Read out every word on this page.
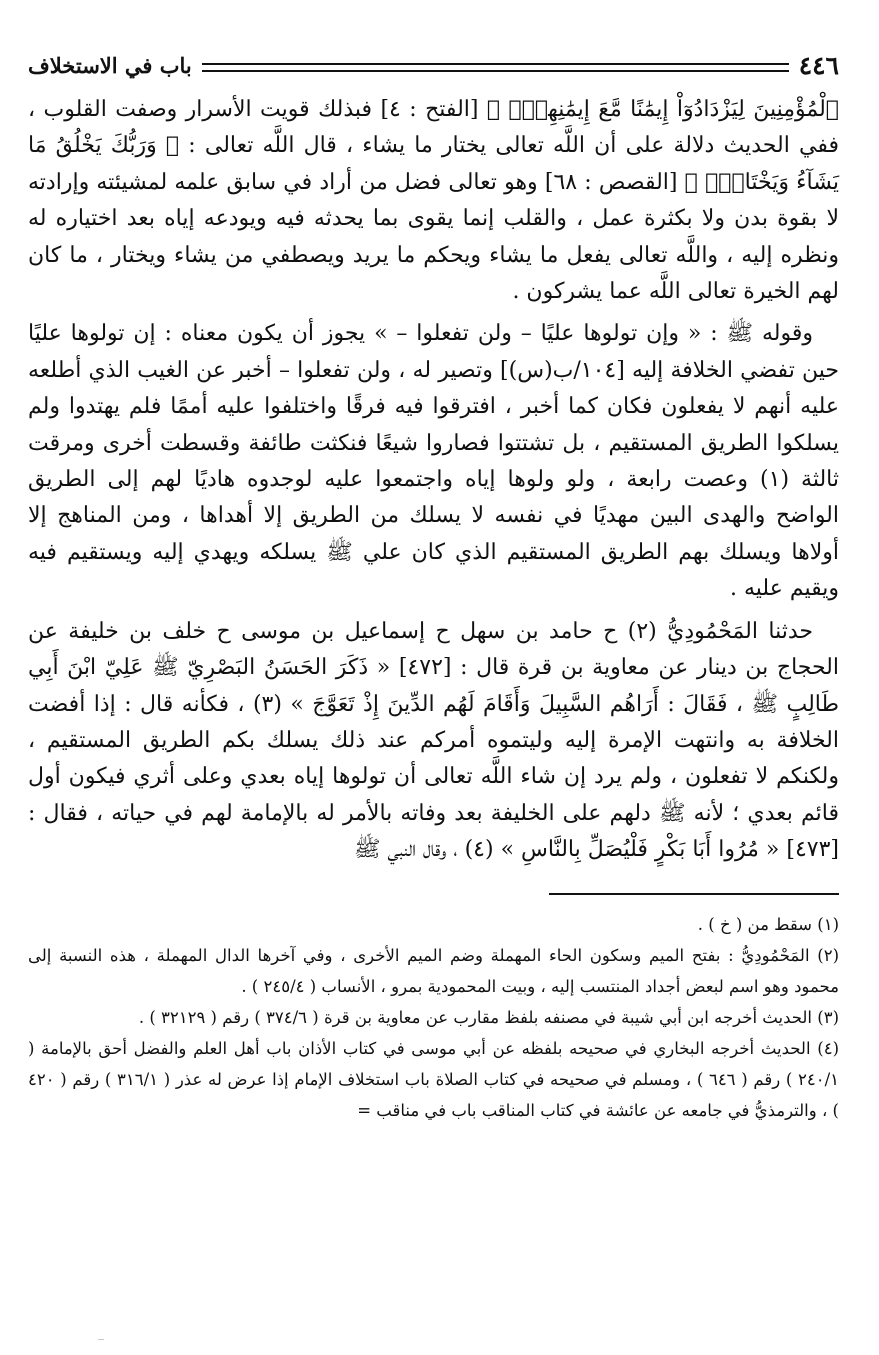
٤٤٦
باب في الاستخلاف

ٱلْمُؤْمِنِينَ لِيَزْدَادُوٓاْ إِيمَٰنًا مَّعَ إِيمَٰنِهِمْۗ ﴾ [الفتح : ٤] فبذلك قويت الأسرار وصفت القلوب ، ففي الحديث دلالة على أن اللَّه تعالى يختار ما يشاء ، قال اللَّه تعالى : ﴿ وَرَبُّكَ يَخْلُقُ مَا يَشَآءُ وَيَخْتَارُۗ ﴾ [القصص : ٦٨] وهو تعالى فضل من أراد في سابق علمه لمشيئته وإرادته لا بقوة بدن ولا بكثرة عمل ، والقلب إنما يقوى بما يحدثه فيه ويودعه إياه بعد اختياره له ونظره إليه ، واللَّه تعالى يفعل ما يشاء ويحكم ما يريد ويصطفي من يشاء ويختار ، ما كان لهم الخيرة تعالى اللَّه عما يشركون .

وقوله ﷺ : « وإن تولوها عليًا – ولن تفعلوا – » يجوز أن يكون معناه : إن تولوها عليًا حين تفضي الخلافة إليه [١٠٤/ب(س)] وتصير له ، ولن تفعلوا – أخبر عن الغيب الذي أطلعه عليه أنهم لا يفعلون فكان كما أخبر ، افترقوا فيه فرقًا واختلفوا عليه أممًا فلم يهتدوا ولم يسلكوا الطريق المستقيم ، بل تشتتوا فصاروا شيعًا فنكثت طائفة وقسطت أخرى ومرقت ثالثة (١) وعصت رابعة ، ولو ولوها إياه واجتمعوا عليه لوجدوه هاديًا لهم إلى الطريق الواضح والهدى البين مهديًا في نفسه لا يسلك من الطريق إلا أهداها ، ومن المناهج إلا أولاها ويسلك بهم الطريق المستقيم الذي كان علي ﷺ يسلكه ويهدي إليه ويستقيم فيه ويقيم عليه .

حدثنا المَحْمُودِيُّ (٢) ح حامد بن سهل ح إسماعيل بن موسى ح خلف بن خليفة عن الحجاج بن دينار عن معاوية بن قرة قال : [٤٧٢] « ذَكَرَ الحَسَنُ البَصْرِيّ ﷺ عَلِيّ ابْنَ أَبِي طَالِبٍ ﷺ ، فَقَالَ : أَرَاهُم السَّبِيلَ وَأَقَامَ لَهُم الدِّينَ إِذْ تَعَوَّجَ » (٣) ، فكأنه قال : إذا أفضت الخلافة به وانتهت الإمرة إليه وليتموه أمركم عند ذلك يسلك بكم الطريق المستقيم ، ولكنكم لا تفعلون ، ولم يرد إن شاء اللَّه تعالى أن تولوها إياه بعدي وعلى أثري فيكون أول قائم بعدي ؛ لأنه ﷺ دلهم على الخليفة بعد وفاته بالأمر له بالإمامة لهم في حياته ، فقال : [٤٧٣] « مُرُوا أَبَا بَكْرٍ فَلْيُصَلِّ بِالنَّاسِ » (٤) ، وقال النبي ﷺ

(١) سقط من ( خ ) .

(٢) المَحْمُودِيُّ : بفتح الميم وسكون الحاء المهملة وضم الميم الأخرى ، وفي آخرها الدال المهملة ، هذه النسبة إلى محمود وهو اسم لبعض أجداد المنتسب إليه ، وبيت المحمودية بمرو ، الأنساب ( ٢٤٥/٤ ) .

(٣) الحديث أخرجه ابن أبي شيبة في مصنفه بلفظ مقارب عن معاوية بن قرة ( ٣٧٤/٦ ) رقم ( ٣٢١٢٩ ) .

(٤) الحديث أخرجه البخاري في صحيحه بلفظه عن أبي موسى في كتاب الأذان باب أهل العلم والفضل أحق بالإمامة ( ٢٤٠/١ ) رقم ( ٦٤٦ ) ، ومسلم في صحيحه في كتاب الصلاة باب استخلاف الإمام إذا عرض له عذر ( ٣١٦/١ ) رقم ( ٤٢٠ ) ، والترمذيُّ في جامعه عن عائشة في كتاب المناقب باب في مناقب =
